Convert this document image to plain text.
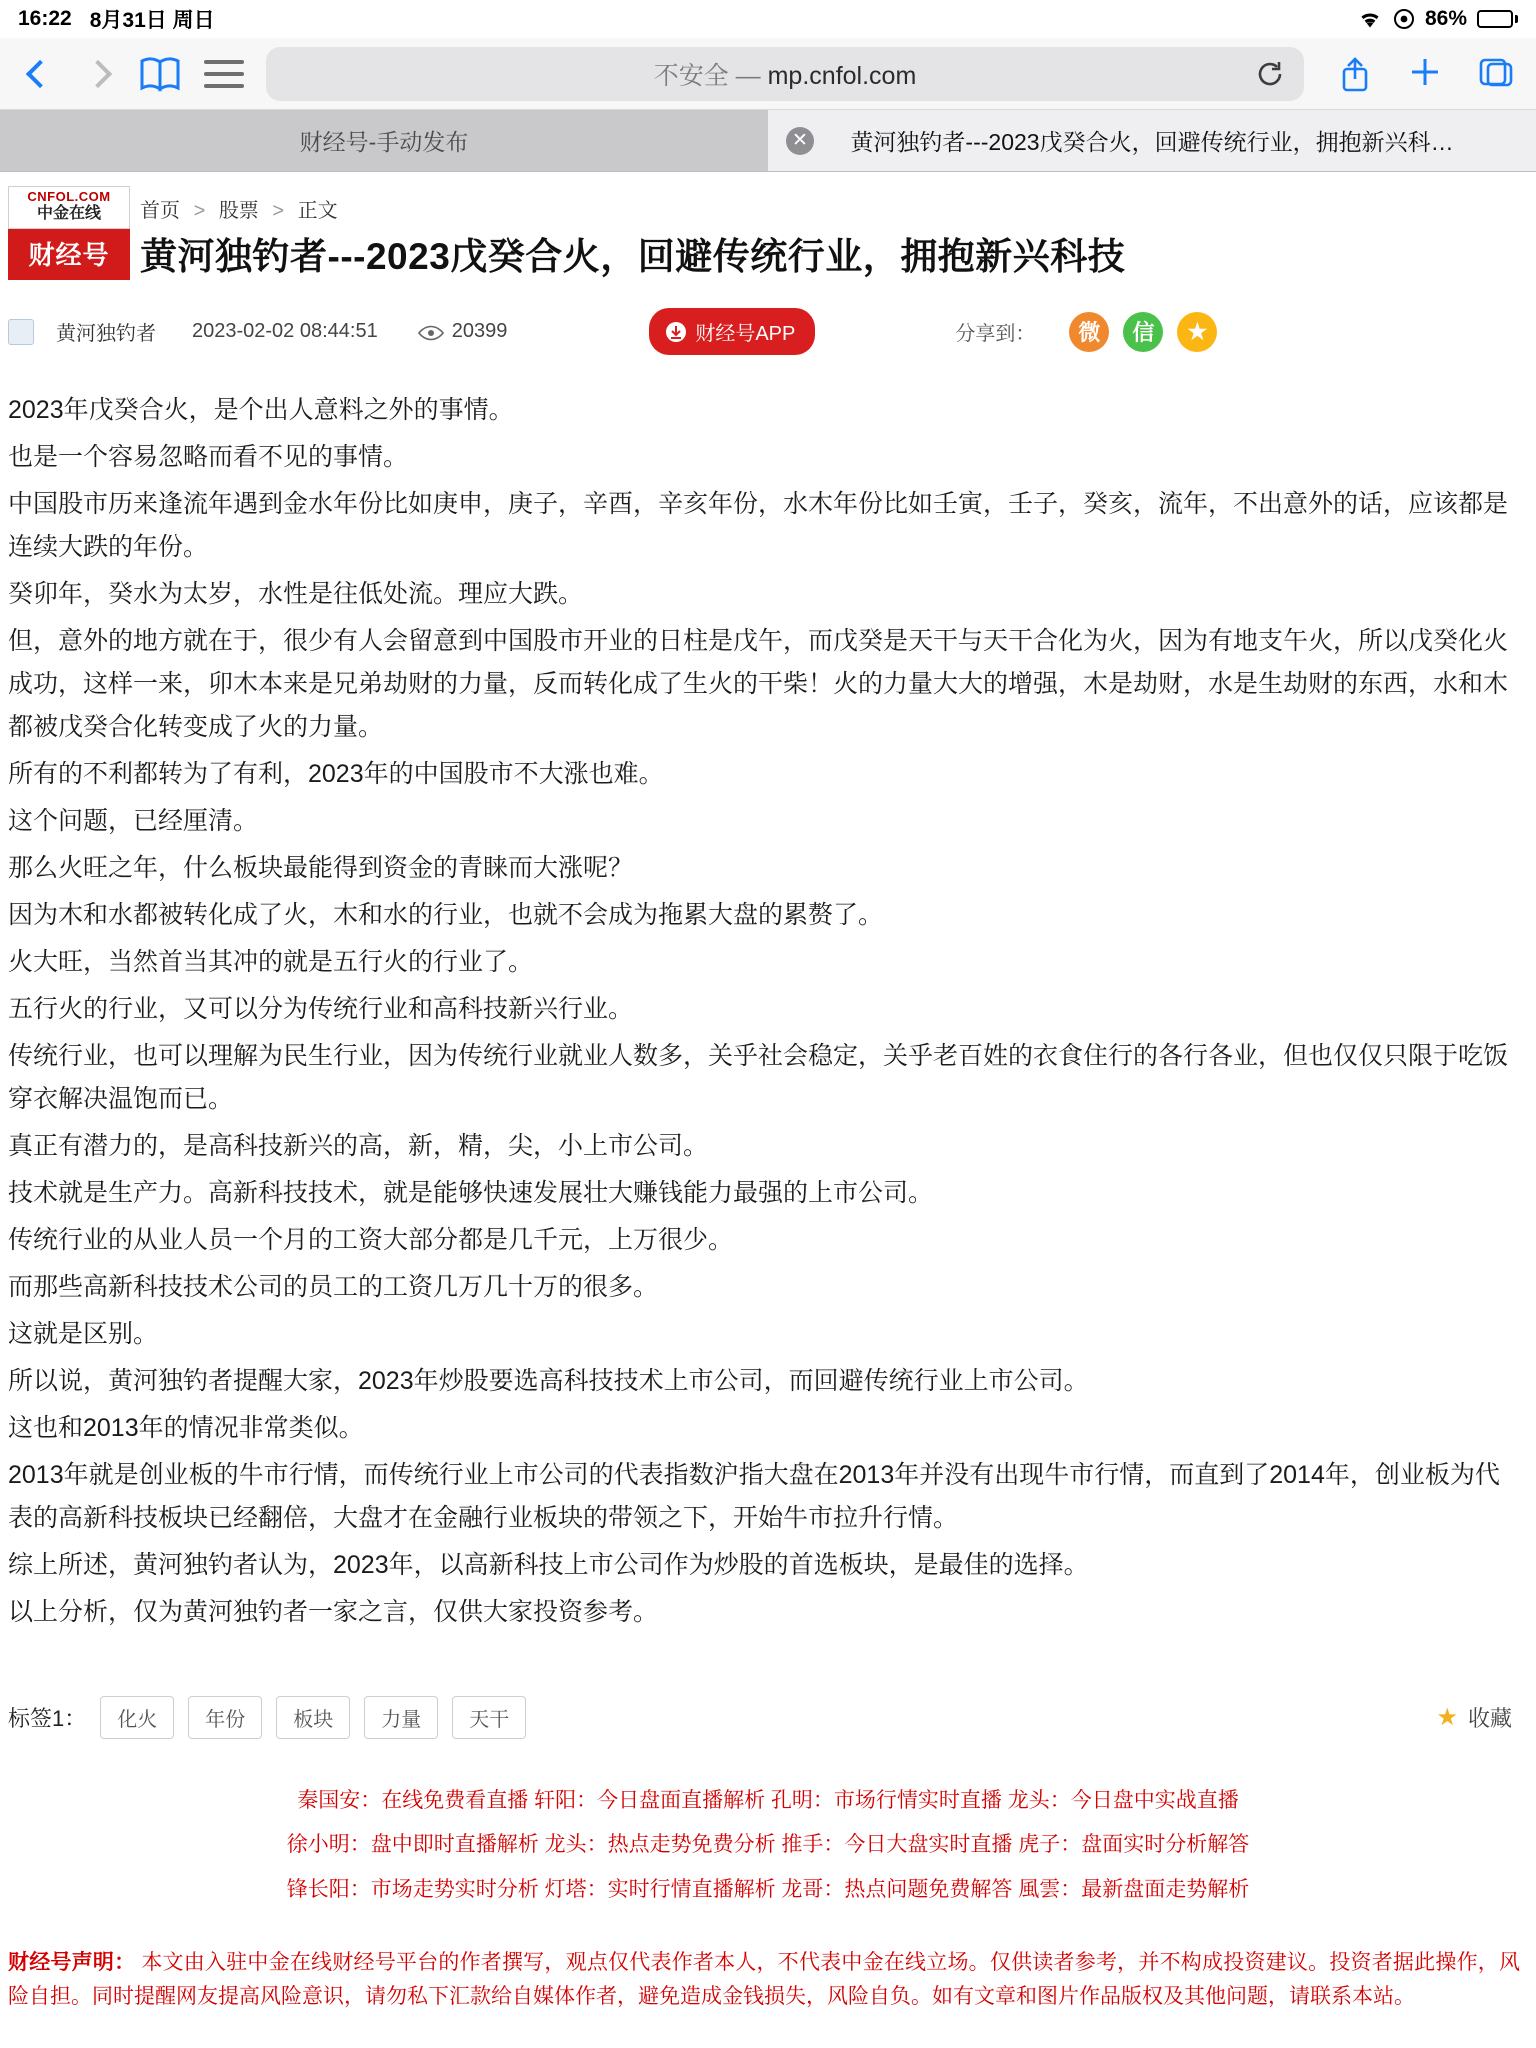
16:22 8月31日 周日	86%
不安全 — mp.cnfol.com
财经号-手动发布	✕ 黄河独钓者---2023戊癸合火，回避传统行业，拥抱新兴科…
CNFOL.COM
中金在线
财经号
首页 > 股票 > 正文
黄河独钓者---2023戊癸合火，回避传统行业，拥抱新兴科技
黄河独钓者 2023-02-02 08:44:51	20399	财经号APP	分享到：	微	信	★

2023年戊癸合火，是个出人意料之外的事情。

也是一个容易忽略而看不见的事情。

中国股市历来逢流年遇到金水年份比如庚申，庚子，辛酉，辛亥年份，水木年份比如壬寅，壬子，癸亥，流年，不出意外的话，应该都是连续大跌的年份。

癸卯年，癸水为太岁，水性是往低处流。理应大跌。

但，意外的地方就在于，很少有人会留意到中国股市开业的日柱是戊午，而戊癸是天干与天干合化为火，因为有地支午火，所以戊癸化火成功，这样一来，卯木本来是兄弟劫财的力量，反而转化成了生火的干柴！火的力量大大的增强，木是劫财，水是生劫财的东西，水和木都被戊癸合化转变成了火的力量。

所有的不利都转为了有利，2023年的中国股市不大涨也难。

这个问题，已经厘清。

那么火旺之年，什么板块最能得到资金的青睐而大涨呢？

因为木和水都被转化成了火，木和水的行业，也就不会成为拖累大盘的累赘了。

火大旺，当然首当其冲的就是五行火的行业了。

五行火的行业，又可以分为传统行业和高科技新兴行业。

传统行业，也可以理解为民生行业，因为传统行业就业人数多，关乎社会稳定，关乎老百姓的衣食住行的各行各业，但也仅仅只限于吃饭穿衣解决温饱而已。

真正有潜力的，是高科技新兴的高，新，精，尖，小上市公司。

技术就是生产力。高新科技技术，就是能够快速发展壮大赚钱能力最强的上市公司。

传统行业的从业人员一个月的工资大部分都是几千元，上万很少。

而那些高新科技技术公司的员工的工资几万几十万的很多。

这就是区别。

所以说，黄河独钓者提醒大家，2023年炒股要选高科技技术上市公司，而回避传统行业上市公司。

这也和2013年的情况非常类似。

2013年就是创业板的牛市行情，而传统行业上市公司的代表指数沪指大盘在2013年并没有出现牛市行情，而直到了2014年，创业板为代表的高新科技板块已经翻倍，大盘才在金融行业板块的带领之下，开始牛市拉升行情。

综上所述，黄河独钓者认为，2023年，以高新科技上市公司作为炒股的首选板块，是最佳的选择。

以上分析，仅为黄河独钓者一家之言，仅供大家投资参考。

标签1：	化火	年份	板块	力量	天干	★ 收藏
秦国安：在线免费看直播 轩阳：今日盘面直播解析 孔明：市场行情实时直播 龙头：今日盘中实战直播
徐小明：盘中即时直播解析 龙头：热点走势免费分析 推手：今日大盘实时直播 虎子：盘面实时分析解答
锋长阳：市场走势实时分析 灯塔：实时行情直播解析 龙哥：热点问题免费解答 風雲：最新盘面走势解析
财经号声明： 本文由入驻中金在线财经号平台的作者撰写，观点仅代表作者本人，不代表中金在线立场。仅供读者参考，并不构成投资建议。投资者据此操作，风险自担。同时提醒网友提高风险意识，请勿私下汇款给自媒体作者，避免造成金钱损失，风险自负。如有文章和图片作品版权及其他问题，请联系本站。
